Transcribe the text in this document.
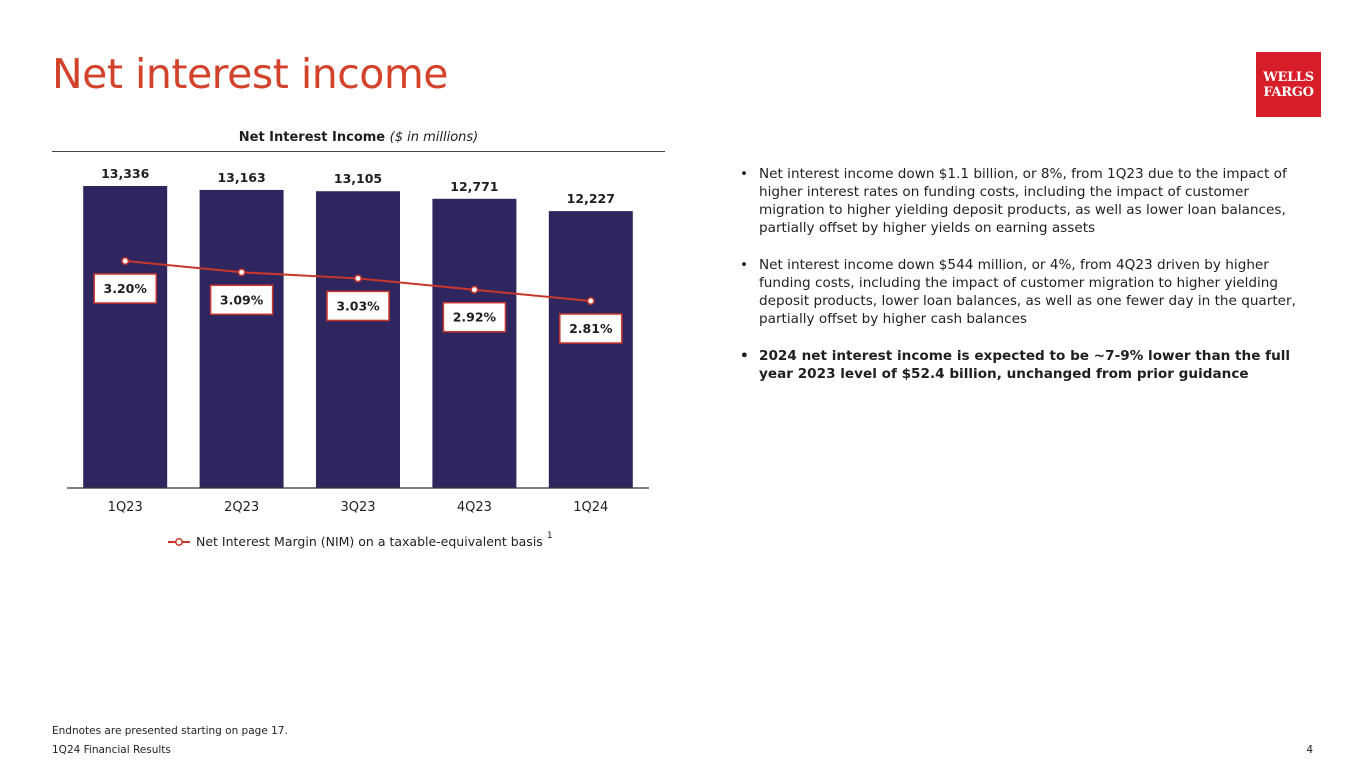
Net interest income	WELLS
FARGO
Net Interest Income ($ in millions)
13,336
1Q23
13,163
2Q23
13,105
3Q23
12,771
4Q23
12,227
1Q24
3.20%
3.09%	3.03%
2.92%
2.81%
Net Interest Margin (NIM) on a taxable-equivalent basis $^1$
• Net interest income down $1.1 billion, or 8%, from 1Q23 due to the impact of higher interest rates on funding costs, including the impact of customer migration to higher yielding deposit products, as well as lower loan balances, partially offset by higher yields on earning assets
• Net interest income down $544 million, or 4%, from 4Q23 driven by higher funding costs, including the impact of customer migration to higher yielding deposit products, lower loan balances, as well as one fewer day in the quarter, partially offset by higher cash balances
• 2024 net interest income is expected to be ~7-9% lower than the full year 2023 level of $52.4 billion, unchanged from prior guidance
Endnotes are presented starting on page 17.
1Q24 Financial Results	4
